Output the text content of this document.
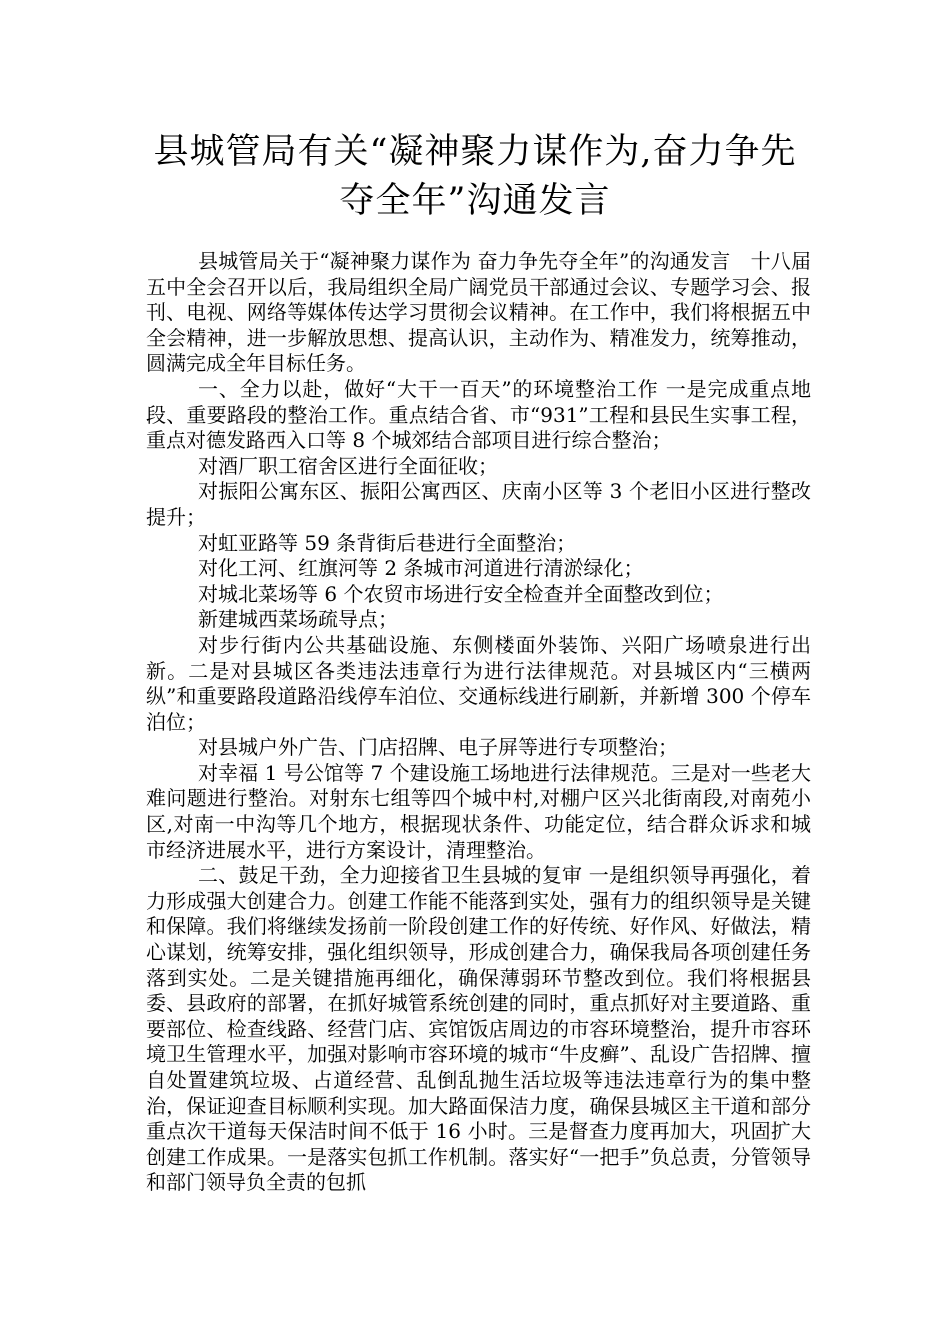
县城管局有关“凝神聚力谋作为,奋力争先
夺全年”沟通发言

县城管局关于“凝神聚力谋作为 奋力争先夺全年”的沟通发言　十八届五中全会召开以后，我局组织全局广阔党员干部通过会议、专题学习会、报刊、电视、网络等媒体传达学习贯彻会议精神。在工作中，我们将根据五中全会精神，进一步解放思想、提高认识，主动作为、精准发力，统筹推动，圆满完成全年目标任务。

一、全力以赴，做好“大干一百天”的环境整治工作 一是完成重点地段、重要路段的整治工作。重点结合省、市“931”工程和县民生实事工程，重点对德发路西入口等 8 个城郊结合部项目进行综合整治；

对酒厂职工宿舍区进行全面征收；

对振阳公寓东区、振阳公寓西区、庆南小区等 3 个老旧小区进行整改提升；

对虹亚路等 59 条背街后巷进行全面整治；

对化工河、红旗河等 2 条城市河道进行清淤绿化；

对城北菜场等 6 个农贸市场进行安全检查并全面整改到位；

新建城西菜场疏导点；

对步行街内公共基础设施、东侧楼面外装饰、兴阳广场喷泉进行出新。二是对县城区各类违法违章行为进行法律规范。对县城区内“三横两纵”和重要路段道路沿线停车泊位、交通标线进行刷新，并新增 300 个停车泊位；

对县城户外广告、门店招牌、电子屏等进行专项整治；

对幸福 1 号公馆等 7 个建设施工场地进行法律规范。三是对一些老大难问题进行整治。对射东七组等四个城中村,对棚户区兴北街南段,对南苑小区,对南一中沟等几个地方，根据现状条件、功能定位，结合群众诉求和城市经济进展水平，进行方案设计，清理整治。

二、鼓足干劲，全力迎接省卫生县城的复审 一是组织领导再强化，着力形成强大创建合力。创建工作能不能落到实处，强有力的组织领导是关键和保障。我们将继续发扬前一阶段创建工作的好传统、好作风、好做法，精心谋划，统筹安排，强化组织领导，形成创建合力，确保我局各项创建任务落到实处。二是关键措施再细化，确保薄弱环节整改到位。我们将根据县委、县政府的部署，在抓好城管系统创建的同时，重点抓好对主要道路、重要部位、检查线路、经营门店、宾馆饭店周边的市容环境整治，提升市容环境卫生管理水平，加强对影响市容环境的城市“牛皮癣”、乱设广告招牌、擅自处置建筑垃圾、占道经营、乱倒乱抛生活垃圾等违法违章行为的集中整治，保证迎查目标顺利实现。加大路面保洁力度，确保县城区主干道和部分重点次干道每天保洁时间不低于 16 小时。三是督查力度再加大，巩固扩大创建工作成果。一是落实包抓工作机制。落实好“一把手”负总责，分管领导和部门领导负全责的包抓
